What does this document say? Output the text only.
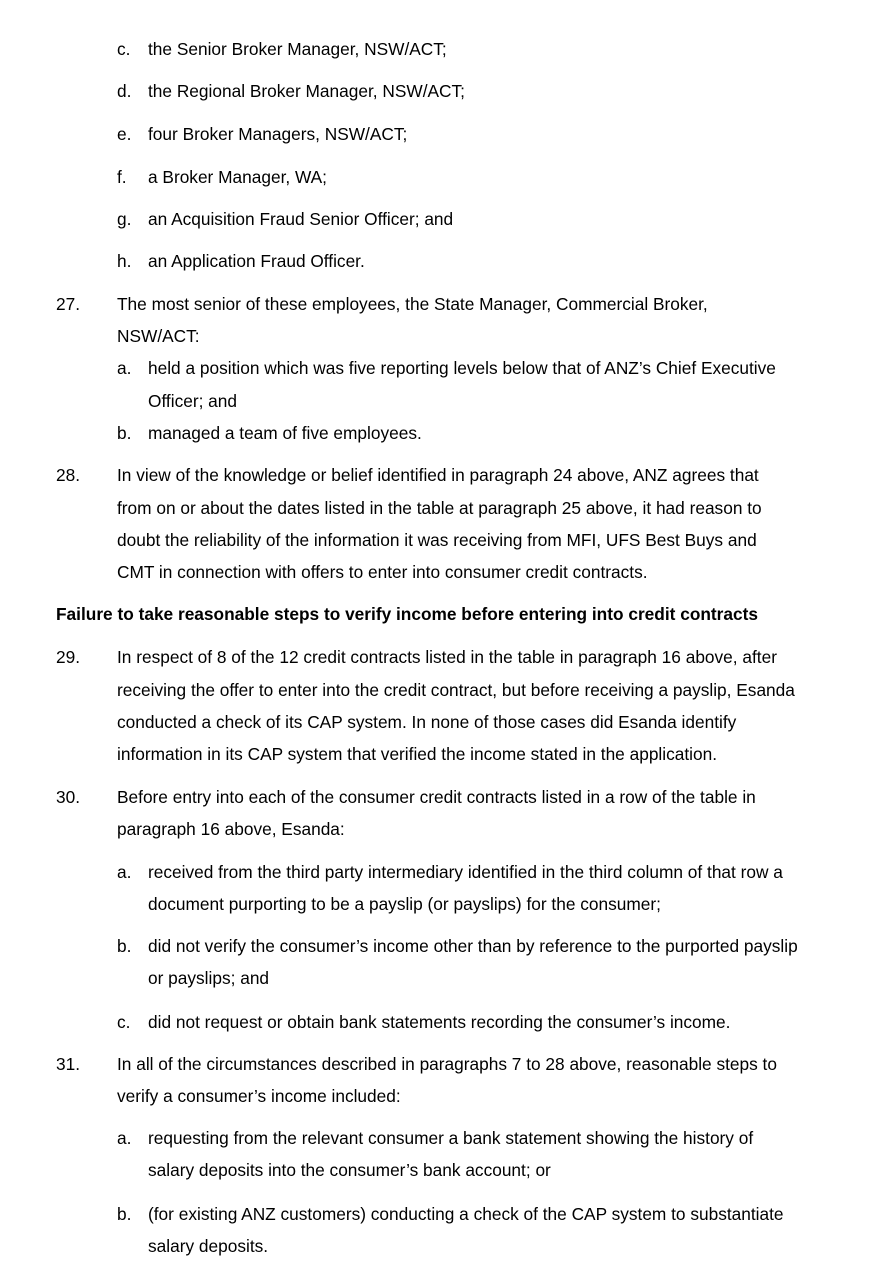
c. the Senior Broker Manager, NSW/ACT;
d. the Regional Broker Manager, NSW/ACT;
e. four Broker Managers, NSW/ACT;
f. a Broker Manager, WA;
g. an Acquisition Fraud Senior Officer; and
h. an Application Fraud Officer.
27. The most senior of these employees, the State Manager, Commercial Broker,
NSW/ACT:
a. held a position which was five reporting levels below that of ANZ’s Chief Executive
Officer; and
b. managed a team of five employees.
28. In view of the knowledge or belief identified in paragraph 24 above, ANZ agrees that
from on or about the dates listed in the table at paragraph 25 above, it had reason to
doubt the reliability of the information it was receiving from MFI, UFS Best Buys and
CMT in connection with offers to enter into consumer credit contracts.
Failure to take reasonable steps to verify income before entering into credit contracts
29. In respect of 8 of the 12 credit contracts listed in the table in paragraph 16 above, after
receiving the offer to enter into the credit contract, but before receiving a payslip, Esanda
conducted a check of its CAP system. In none of those cases did Esanda identify
information in its CAP system that verified the income stated in the application.
30. Before entry into each of the consumer credit contracts listed in a row of the table in
paragraph 16 above, Esanda:
a. received from the third party intermediary identified in the third column of that row a
document purporting to be a payslip (or payslips) for the consumer;
b. did not verify the consumer’s income other than by reference to the purported payslip
or payslips; and
c. did not request or obtain bank statements recording the consumer’s income.
31. In all of the circumstances described in paragraphs 7 to 28 above, reasonable steps to
verify a consumer’s income included:
a. requesting from the relevant consumer a bank statement showing the history of
salary deposits into the consumer’s bank account; or
b. (for existing ANZ customers) conducting a check of the CAP system to substantiate
salary deposits.
